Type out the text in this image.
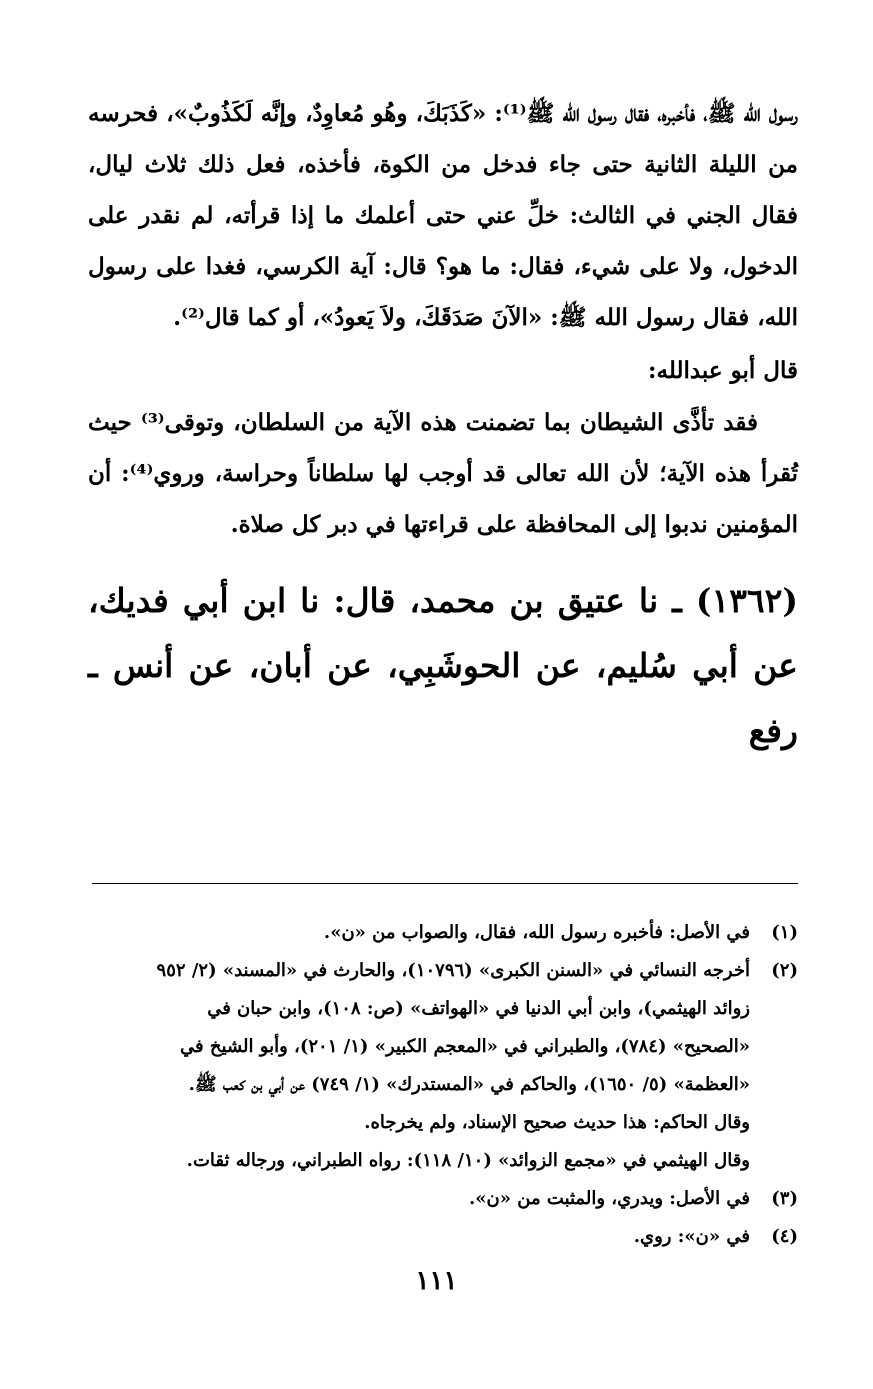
رسول الله ﷺ، فأخبره، فقال رسول الله ﷺ⁽¹⁾: «كَذَبَكَ، وهُو مُعاوِدٌ، وإنَّه لَكَذُوبٌ»، فحرسه من الليلة الثانية حتى جاء فدخل من الكوة، فأخذه، فعل ذلك ثلاث ليال، فقال الجني في الثالث: خلِّ عني حتى أعلمك ما إذا قرأته، لم نقدر على الدخول، ولا على شيء، فقال: ما هو؟ قال: آية الكرسي، فغدا على رسول الله، فقال رسول الله ﷺ: «الآنَ صَدَقَكَ، ولاَ يَعودُ»، أو كما قال⁽²⁾.

قال أبو عبدالله:

فقد تأذَّى الشيطان بما تضمنت هذه الآية من السلطان، وتوقى⁽³⁾ حيث تُقرأ هذه الآية؛ لأن الله تعالى قد أوجب لها سلطاناً وحراسة، وروي⁽⁴⁾: أن المؤمنين ندبوا إلى المحافظة على قراءتها في دبر كل صلاة.

(١٣٦٢) ـ نا عتيق بن محمد، قال: نا ابن أبي فديك، عن أبي سُليم، عن الحوشَبِي، عن أبان، عن أنس ـ رفع
(١)
في الأصل: فأخبره رسول الله، فقال، والصواب من «ن».
(٢)
أخرجه النسائي في «السنن الكبرى» (١٠٧٩٦)، والحارث في «المسند» (٢/ ٩٥٢
زوائد الهيثمي)، وابن أبي الدنيا في «الهواتف» (ص: ١٠٨)، وابن حبان في
«الصحيح» (٧٨٤)، والطبراني في «المعجم الكبير» (١/ ٢٠١)، وأبو الشيخ في
«العظمة» (٥/ ١٦٥٠)، والحاكم في «المستدرك» (١/ ٧٤٩) عن أبي بن كعب ﷺ.
وقال الحاكم: هذا حديث صحيح الإسناد، ولم يخرجاه.
وقال الهيثمي في «مجمع الزوائد» (١٠/ ١١٨): رواه الطبراني، ورجاله ثقات.
(٣)
في الأصل: ويدري، والمثبت من «ن».
(٤)
في «ن»: روي.
١١١
